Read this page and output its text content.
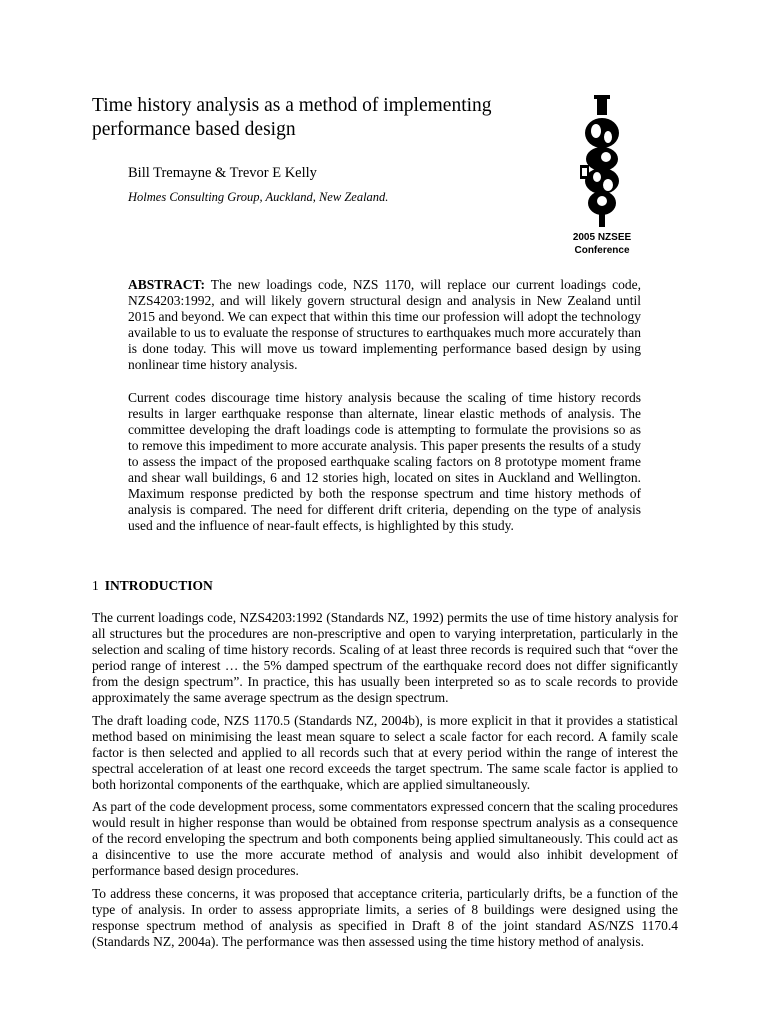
Time history analysis as a method of implementing performance based design
Bill Tremayne & Trevor E Kelly
Holmes Consulting Group, Auckland, New Zealand.
2005 NZSEE
Conference

ABSTRACT: The new loadings code, NZS 1170, will replace our current loadings code, NZS4203:1992, and will likely govern structural design and analysis in New Zealand until 2015 and beyond. We can expect that within this time our profession will adopt the technology available to us to evaluate the response of structures to earthquakes much more accurately than is done today. This will move us toward implementing performance based design by using nonlinear time history analysis.

Current codes discourage time history analysis because the scaling of time history records results in larger earthquake response than alternate, linear elastic methods of analysis. The committee developing the draft loadings code is attempting to formulate the provisions so as to remove this impediment to more accurate analysis. This paper presents the results of a study to assess the impact of the proposed earthquake scaling factors on 8 prototype moment frame and shear wall buildings, 6 and 12 stories high, located on sites in Auckland and Wellington. Maximum response predicted by both the response spectrum and time history methods of analysis is compared. The need for different drift criteria, depending on the type of analysis used and the influence of near-fault effects, is highlighted by this study.

1 INTRODUCTION

The current loadings code, NZS4203:1992 (Standards NZ, 1992) permits the use of time history analysis for all structures but the procedures are non-prescriptive and open to varying interpretation, particularly in the selection and scaling of time history records. Scaling of at least three records is required such that “over the period range of interest … the 5% damped spectrum of the earthquake record does not differ significantly from the design spectrum”. In practice, this has usually been interpreted so as to scale records to provide approximately the same average spectrum as the design spectrum.

The draft loading code, NZS 1170.5 (Standards NZ, 2004b), is more explicit in that it provides a statistical method based on minimising the least mean square to select a scale factor for each record. A family scale factor is then selected and applied to all records such that at every period within the range of interest the spectral acceleration of at least one record exceeds the target spectrum. The same scale factor is applied to both horizontal components of the earthquake, which are applied simultaneously.

As part of the code development process, some commentators expressed concern that the scaling procedures would result in higher response than would be obtained from response spectrum analysis as a consequence of the record enveloping the spectrum and both components being applied simultaneously. This could act as a disincentive to use the more accurate method of analysis and would also inhibit development of performance based design procedures.

To address these concerns, it was proposed that acceptance criteria, particularly drifts, be a function of the type of analysis. In order to assess appropriate limits, a series of 8 buildings were designed using the response spectrum method of analysis as specified in Draft 8 of the joint standard AS/NZS 1170.4 (Standards NZ, 2004a). The performance was then assessed using the time history method of analysis.
